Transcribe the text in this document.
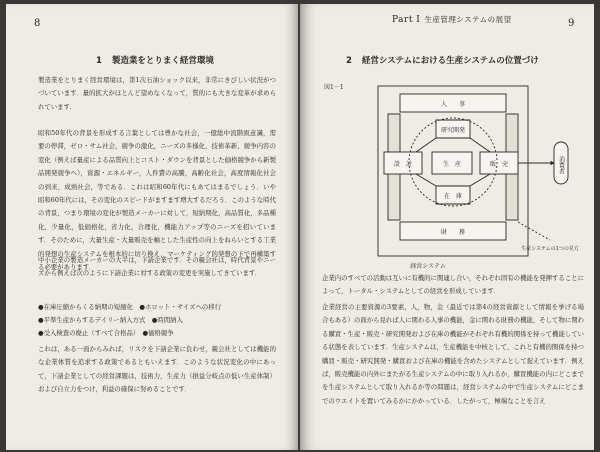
8
1 製造業をとりまく経営環境

製造業をとりまく経営環境は，第1次石油ショック以来，非常にきびしい状況がつづいています．量的拡大がほとんど望めなくなって，質的にも大きな変革が求められています．

昭和50年代の背景を形成する言葉としては豊かな社会，一億総中流階級意識，需要の停滞，ゼロ・サム社会，競争の激化，ニーズの多様化，技術革新，競争内容の変化（例えば量産による品質向上とコスト・ダウンを背景とした価格競争から新製品開発競争へ），資源・エネルギー，人件費の高騰，高齢化社会，高度情報化社会の到来，成熟社会，等である．これは昭和60年代にもあてはまるでしょう．いや昭和60年代には，その変化のスピードがますます増大するだろう．このような時代の背景，つまり環境の変化が製造メーカーに対して，短納期化，高品質化，多品種化，少量化，低価格化，省力化，合理化，機能力アップ等のニーズを招いています．そのために，大量生産・大量販売を軸とした生産性の向上をねらいとする工業的発想の生産システムを根本的に切り換え，マーケティング的発想の下で再構築する必要があります．

中小企業の製造メーカーの大半は，下請企業です．その親会社は，時代背景やニーズから例えば次のように下請企業に対する政策の変更を実施してきています．

●在庫圧縮からくる納期の短縮化　●ホロット・サイズへの移行
●平準生産からするデイリー納入方式　●時間納入
●受入検査の廃止（すべて合格品）　●価格競争

これは，ある一面からみれば，リスクを下請企業に負わせ，親会社としては機能的な企業体質を追求する政策であるともいえます．このような状況変化の中にあって，下請企業としての経営課題は，技術力，生産力（損益分岐点の低い生産体制）および自立力をつけ，利益の確保に努めることです．

Part I 生産管理システムの展望	9
2 経営システムにおける生産システムの位置づけ
図1－1
人　　事
研究開発
設　計	生　産	販　売
在　庫
財　　務
経営システム
生産システムの1つの見方
消費者

企業内のすべての活動は互いに有機的に関連し合い，それぞれ固有の機能を発揮することによって，トータル・システムとしての経営を形成しています．

企業経営の主要資源の3要素，人，物，金（最近では第4の経営資源として情報を挙げる場合もある）の面から見れば人に関わる人事の機能，金に関わる財務の機能，そして物に関わる購買・生産・販売・研究開発および在庫の機能がそれぞれ有機的関係を持って機能している状態を表しています．生産システムは，生産機能を中核として，これと有機的関係を持つ購買・販売・研究開発・購買および在庫の機能を含めたシステムとして捉えています．例えば，販売機能の内外にまたがる生産システムの中に取り入れるか，購買機能の内にどこまでを生産システムとして取り入れるか等の問題は，経営システムの中で生産システムにどこまでのウエイトを置いてみるかにかかっている．したがって，極端なことを言え
